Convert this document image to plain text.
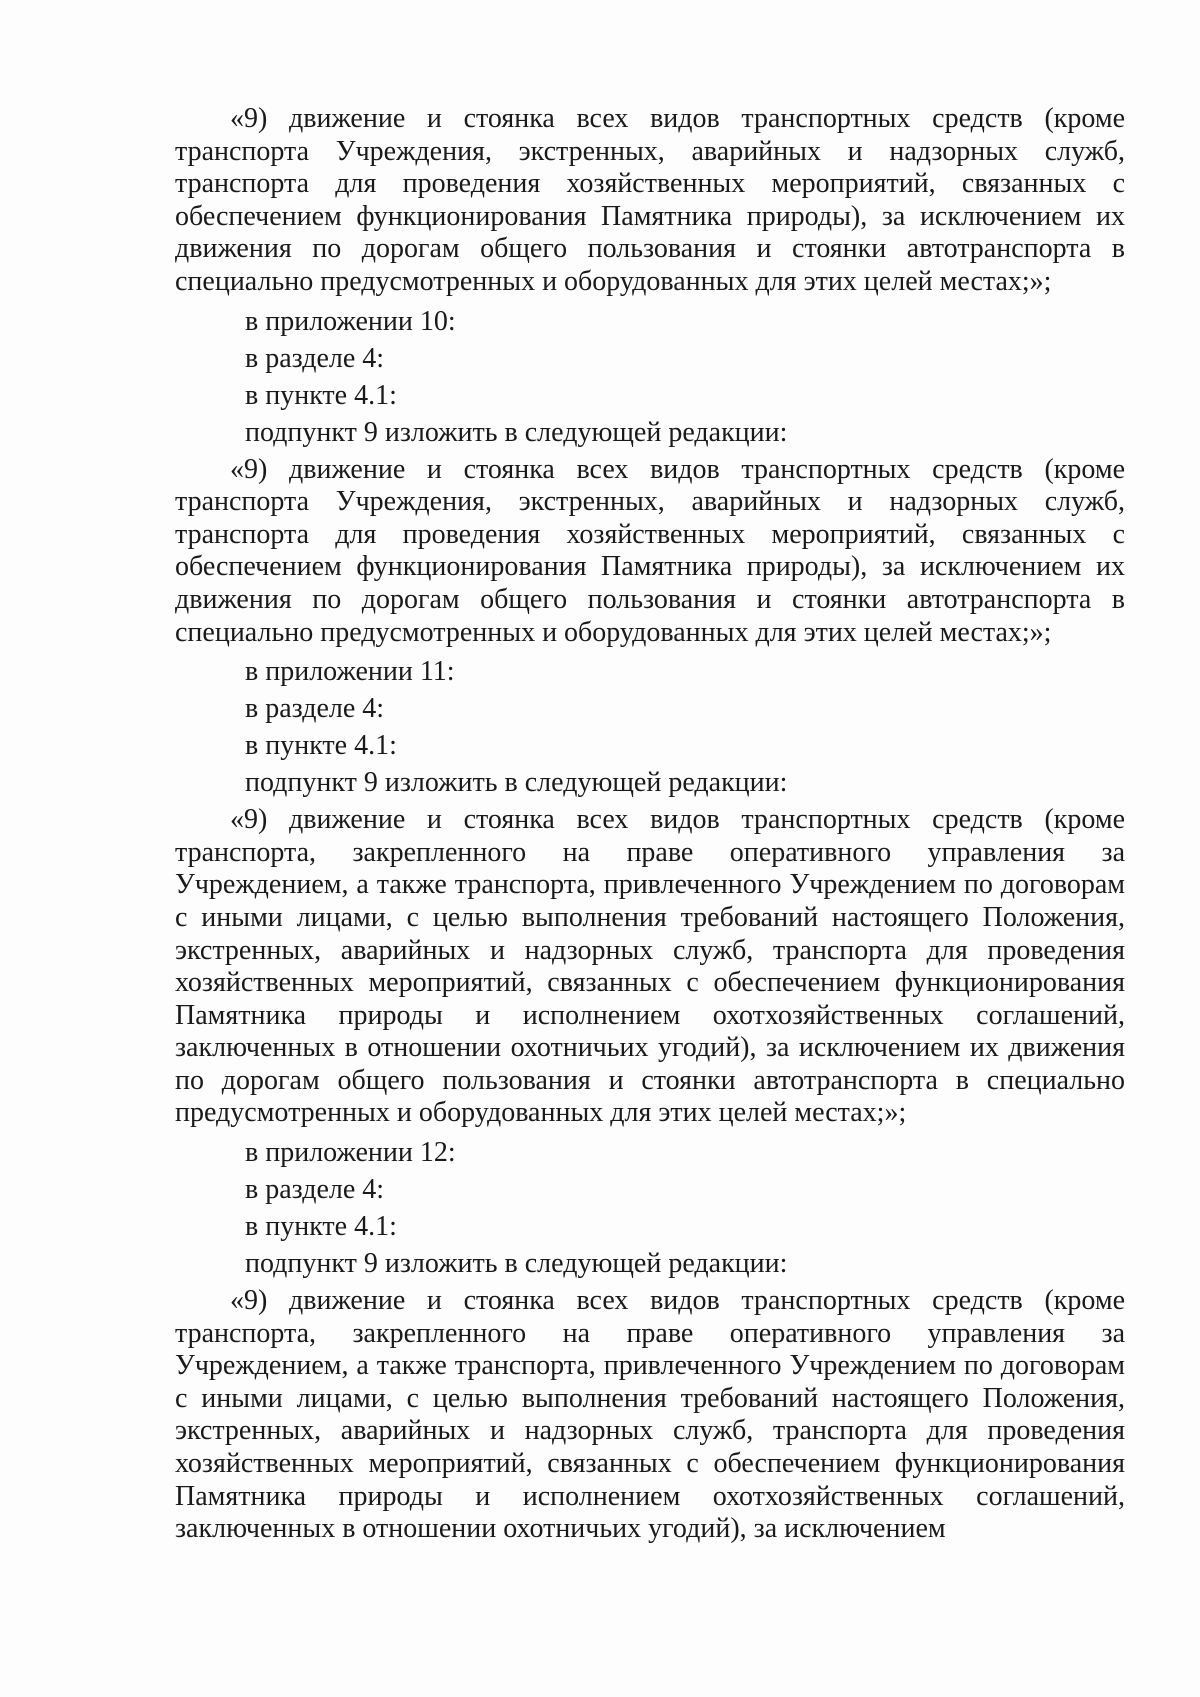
«9) движение и стоянка всех видов транспортных средств (кроме транспорта Учреждения, экстренных, аварийных и надзорных служб, транспорта для проведения хозяйственных мероприятий, связанных с обеспечением функционирования Памятника природы), за исключением их движения по дорогам общего пользования и стоянки автотранспорта в специально предусмотренных и оборудованных для этих целей местах;»;

в приложении 10:

в разделе 4:

в пункте 4.1:

подпункт 9 изложить в следующей редакции:

«9) движение и стоянка всех видов транспортных средств (кроме транспорта Учреждения, экстренных, аварийных и надзорных служб, транспорта для проведения хозяйственных мероприятий, связанных с обеспечением функционирования Памятника природы), за исключением их движения по дорогам общего пользования и стоянки автотранспорта в специально предусмотренных и оборудованных для этих целей местах;»;

в приложении 11:

в разделе 4:

в пункте 4.1:

подпункт 9 изложить в следующей редакции:

«9) движение и стоянка всех видов транспортных средств (кроме транспорта, закрепленного на праве оперативного управления за Учреждением, а также транспорта, привлеченного Учреждением по договорам с иными лицами, с целью выполнения требований настоящего Положения, экстренных, аварийных и надзорных служб, транспорта для проведения хозяйственных мероприятий, связанных с обеспечением функционирования Памятника природы и исполнением охотхозяйственных соглашений, заключенных в отношении охотничьих угодий), за исключением их движения по дорогам общего пользования и стоянки автотранспорта в специально предусмотренных и оборудованных для этих целей местах;»;

в приложении 12:

в разделе 4:

в пункте 4.1:

подпункт 9 изложить в следующей редакции:

«9) движение и стоянка всех видов транспортных средств (кроме транспорта, закрепленного на праве оперативного управления за Учреждением, а также транспорта, привлеченного Учреждением по договорам с иными лицами, с целью выполнения требований настоящего Положения, экстренных, аварийных и надзорных служб, транспорта для проведения хозяйственных мероприятий, связанных с обеспечением функционирования Памятника природы и исполнением охотхозяйственных соглашений, заключенных в отношении охотничьих угодий), за исключением
